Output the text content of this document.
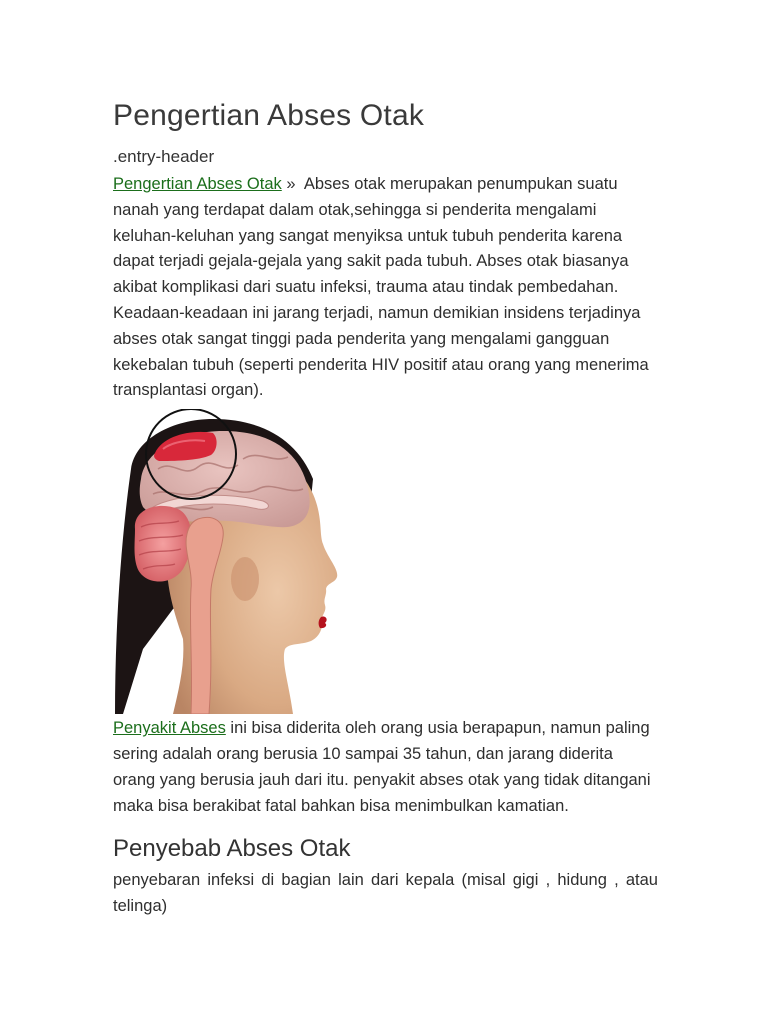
Pengertian Abses Otak
.entry-header

Pengertian Abses Otak » Abses otak merupakan penumpukan suatu nanah yang terdapat dalam otak,sehingga si penderita mengalami keluhan-keluhan yang sangat menyiksa untuk tubuh penderita karena dapat terjadi gejala-gejala yang sakit pada tubuh. Abses otak biasanya akibat komplikasi dari suatu infeksi, trauma atau tindak pembedahan. Keadaan-keadaan ini jarang terjadi, namun demikian insidens terjadinya abses otak sangat tinggi pada penderita yang mengalami gangguan kekebalan tubuh (seperti penderita HIV positif atau orang yang menerima transplantasi organ).

Penyakit Abses ini bisa diderita oleh orang usia berapapun, namun paling sering adalah orang berusia 10 sampai 35 tahun, dan jarang diderita orang yang berusia jauh dari itu. penyakit abses otak yang tidak ditangani maka bisa berakibat fatal bahkan bisa menimbulkan kamatian.

Penyebab Abses Otak

penyebaran infeksi di bagian lain dari kepala (misal gigi , hidung , atau telinga)
